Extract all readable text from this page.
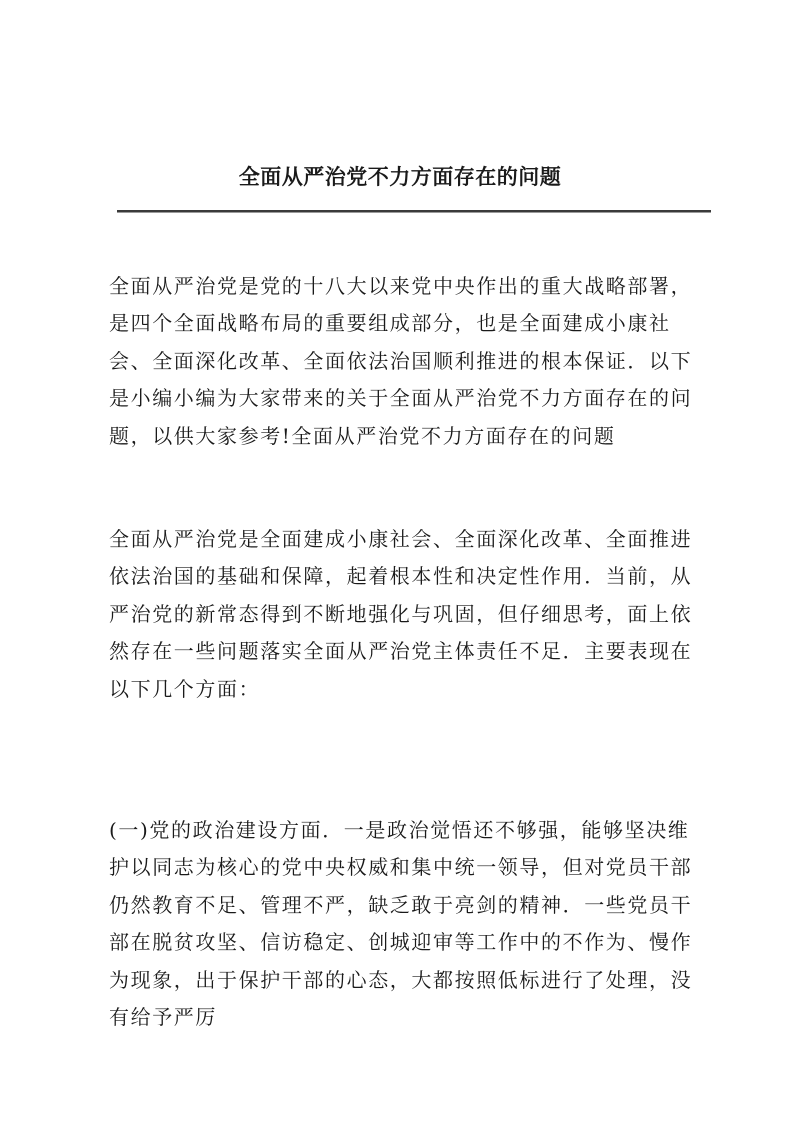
全面从严治党不力方面存在的问题

全面从严治党是党的十八大以来党中央作出的重大战略部署，是四个全面战略布局的重要组成部分，也是全面建成小康社会、全面深化改革、全面依法治国顺利推进的根本保证．以下是小编小编为大家带来的关于全面从严治党不力方面存在的问题，以供大家参考!全面从严治党不力方面存在的问题

全面从严治党是全面建成小康社会、全面深化改革、全面推进依法治国的基础和保障，起着根本性和决定性作用．当前，从严治党的新常态得到不断地强化与巩固，但仔细思考，面上依然存在一些问题落实全面从严治党主体责任不足．主要表现在以下几个方面：

(一)党的政治建设方面．一是政治觉悟还不够强，能够坚决维护以同志为核心的党中央权威和集中统一领导，但对党员干部仍然教育不足、管理不严，缺乏敢于亮剑的精神．一些党员干部在脱贫攻坚、信访稳定、创城迎审等工作中的不作为、慢作为现象，出于保护干部的心态，大都按照低标进行了处理，没有给予严厉
